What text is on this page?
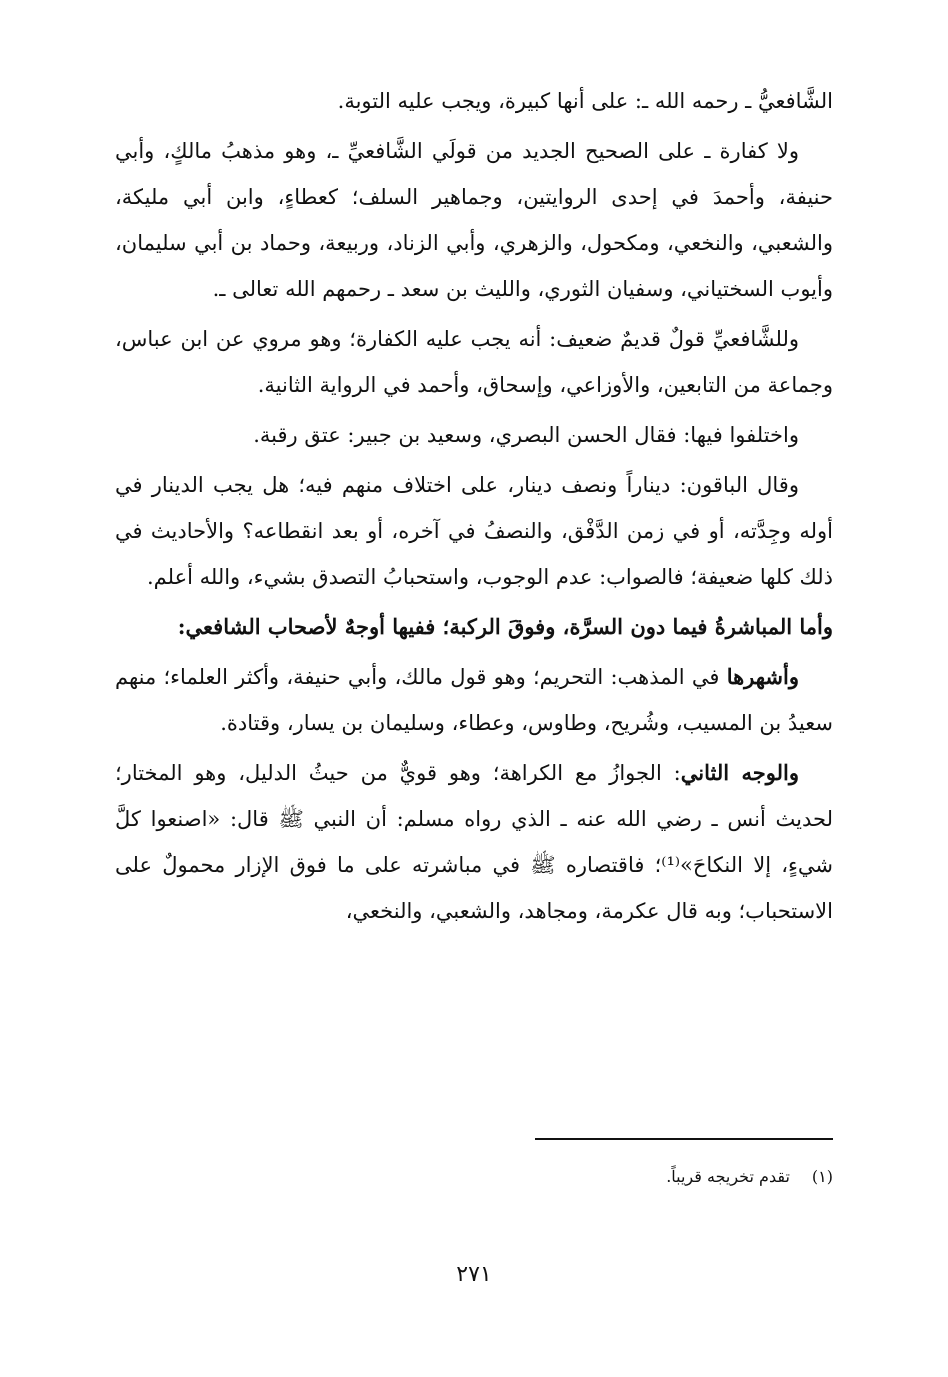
الشَّافعيُّ ـ رحمه الله ـ: على أنها كبيرة، ويجب عليه التوبة.

ولا كفارة ـ على الصحيح الجديد من قولَي الشَّافعيِّ ـ، وهو مذهبُ مالكٍ، وأبي حنيفة، وأحمدَ في إحدى الروايتين، وجماهير السلف؛ كعطاءٍ، وابن أبي مليكة، والشعبي، والنخعي، ومكحول، والزهري، وأبي الزناد، وربيعة، وحماد بن أبي سليمان، وأيوب السختياني، وسفيان الثوري، والليث بن سعد ـ رحمهم الله تعالى ـ.

وللشَّافعيِّ قولٌ قديمٌ ضعيف: أنه يجب عليه الكفارة؛ وهو مروي عن ابن عباس، وجماعة من التابعين، والأوزاعي، وإسحاق، وأحمد في الرواية الثانية.

واختلفوا فيها: فقال الحسن البصري، وسعيد بن جبير: عتق رقبة.

وقال الباقون: ديناراً ونصف دينار، على اختلاف منهم فيه؛ هل يجب الدينار في أوله وجِدَّته، أو في زمن الدَّفْق، والنصفُ في آخره، أو بعد انقطاعه؟ والأحاديث في ذلك كلها ضعيفة؛ فالصواب: عدم الوجوب، واستحبابُ التصدق بشيء، والله أعلم.

وأما المباشرةُ فيما دون السرَّة، وفوقَ الركبة؛ ففيها أوجهٌ لأصحاب الشافعي:

وأشهرها في المذهب: التحريم؛ وهو قول مالك، وأبي حنيفة، وأكثر العلماء؛ منهم سعيدُ بن المسيب، وشُريح، وطاوس، وعطاء، وسليمان بن يسار، وقتادة.

والوجه الثاني: الجوازُ مع الكراهة؛ وهو قويٌّ من حيثُ الدليل، وهو المختار؛ لحديث أنس ـ رضي الله عنه ـ الذي رواه مسلم: أن النبي ﷺ قال: «اصنعوا كلَّ شيءٍ، إلا النكاحَ»⁽¹⁾؛ فاقتصاره ﷺ في مباشرته على ما فوق الإزار محمولٌ على الاستحباب؛ وبه قال عكرمة، ومجاهد، والشعبي، والنخعي،

(١)تقدم تخريجه قريباً.
٢٧١
